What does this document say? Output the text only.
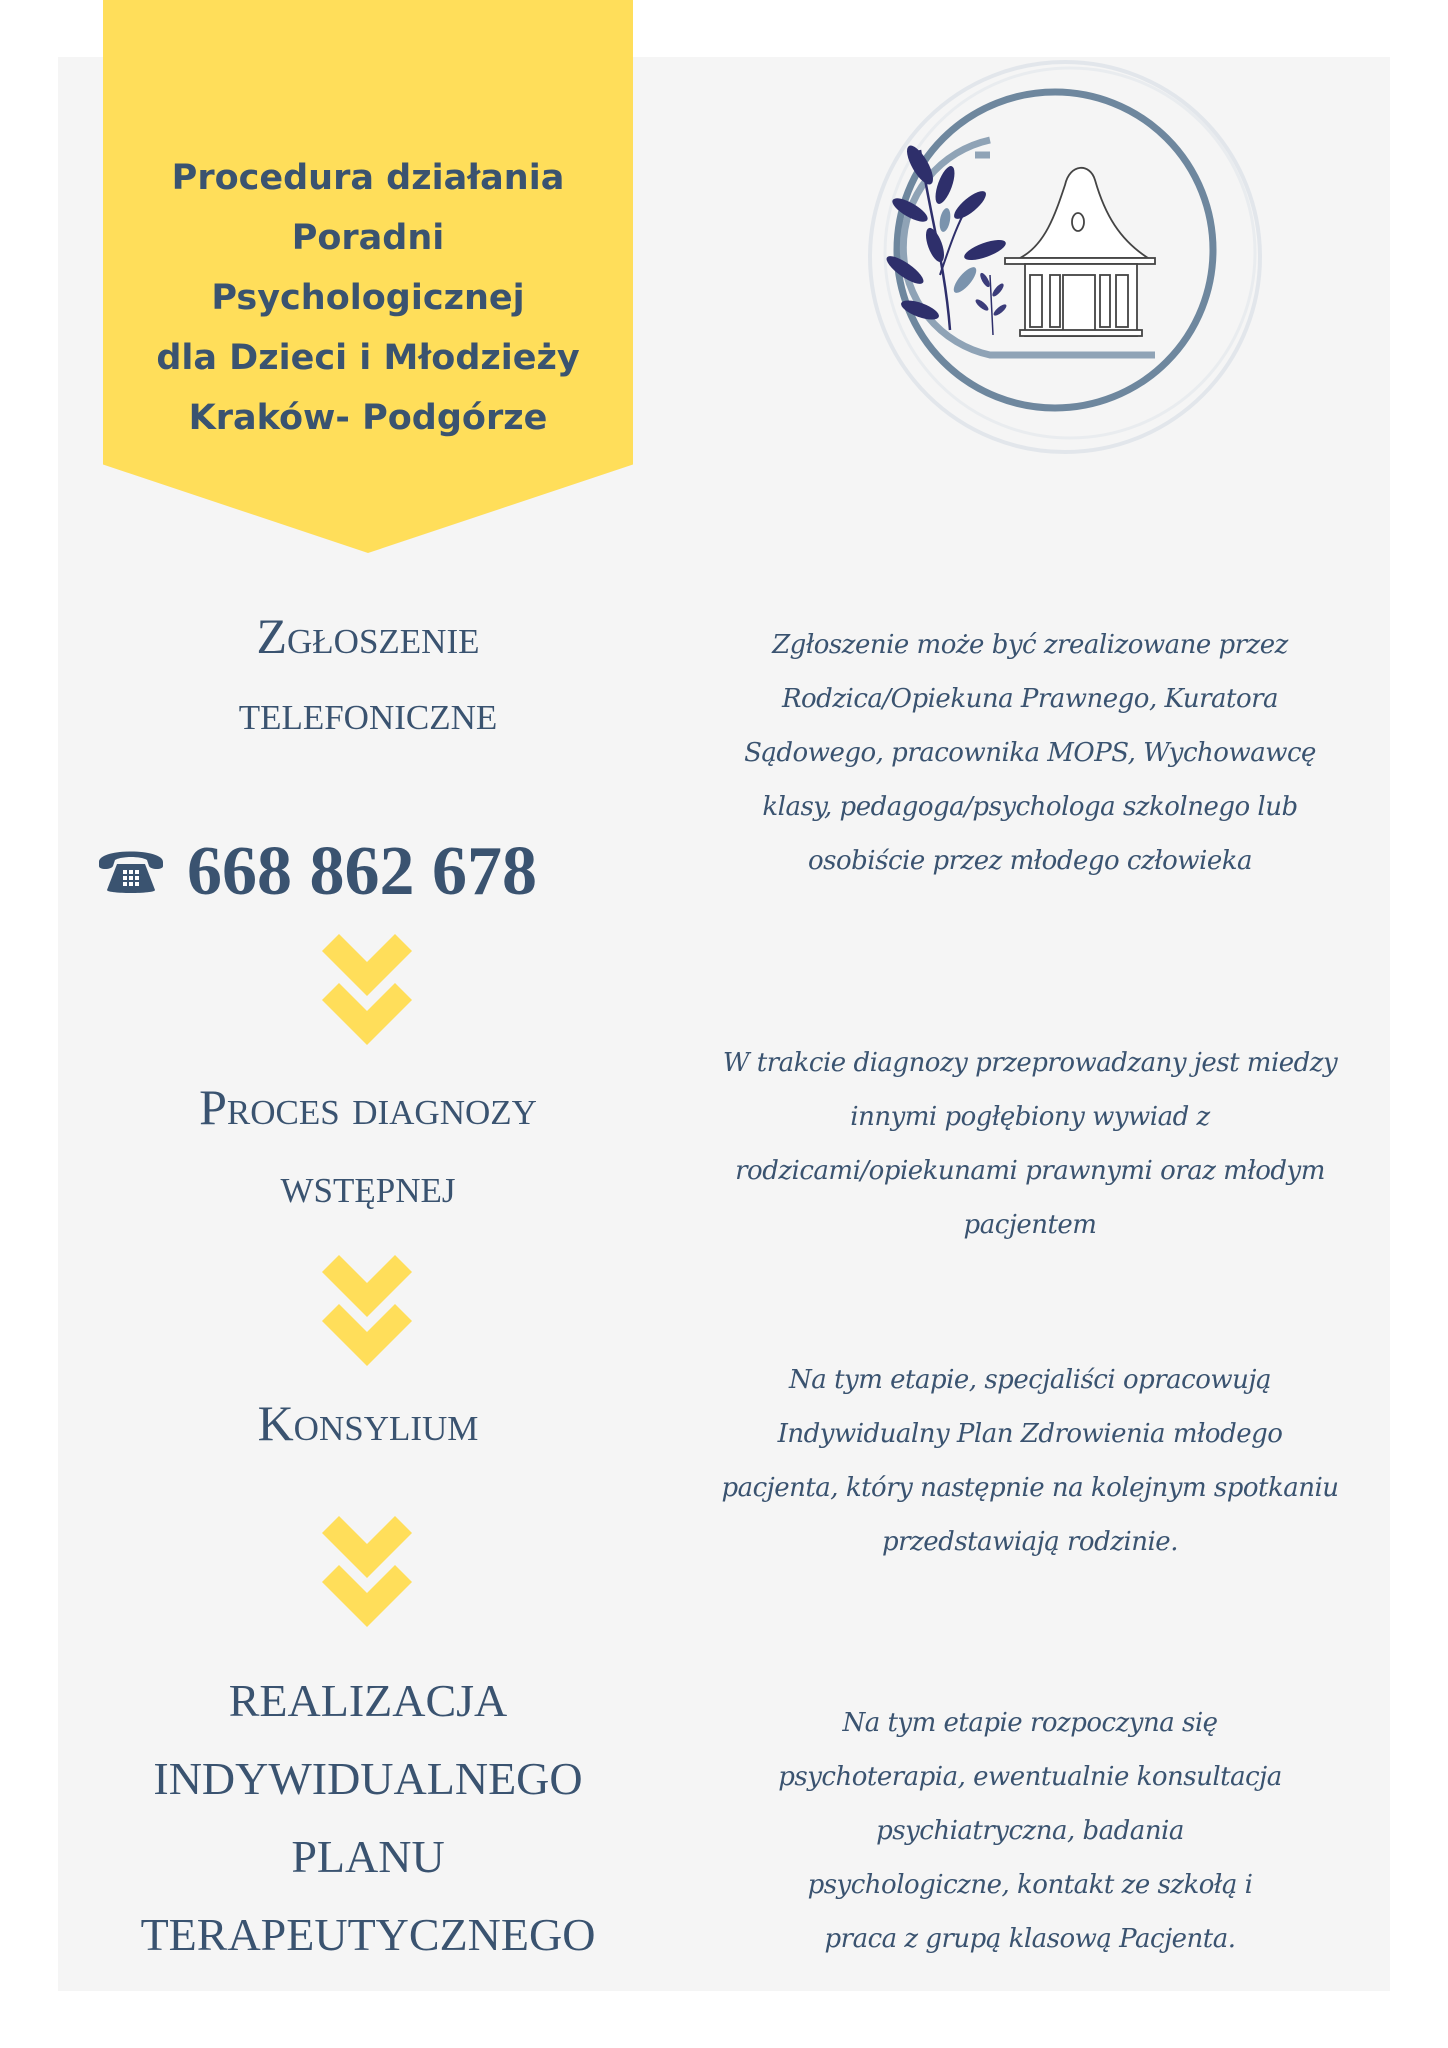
Procedura działania
Poradni
Psychologicznej
dla Dzieci i Młodzieży
Kraków- Podgórze
Zgłoszenie
telefoniczne
668 862 678
Zgłoszenie może być zrealizowane przez
Rodzica/Opiekuna Prawnego, Kuratora
Sądowego, pracownika MOPS, Wychowawcę
klasy, pedagoga/psychologa szkolnego lub
osobiście przez młodego człowieka
Proces diagnozy
wstępnej
W trakcie diagnozy przeprowadzany jest miedzy
innymi pogłębiony wywiad z
rodzicami/opiekunami prawnymi oraz młodym
pacjentem
Konsylium
Na tym etapie, specjaliści opracowują
Indywidualny Plan Zdrowienia młodego
pacjenta, który następnie na kolejnym spotkaniu
przedstawiają rodzinie.
REALIZACJA
INDYWIDUALNEGO
PLANU
TERAPEUTYCZNEGO
Na tym etapie rozpoczyna się
psychoterapia, ewentualnie konsultacja
psychiatryczna, badania
psychologiczne, kontakt ze szkołą i
praca z grupą klasową Pacjenta.
